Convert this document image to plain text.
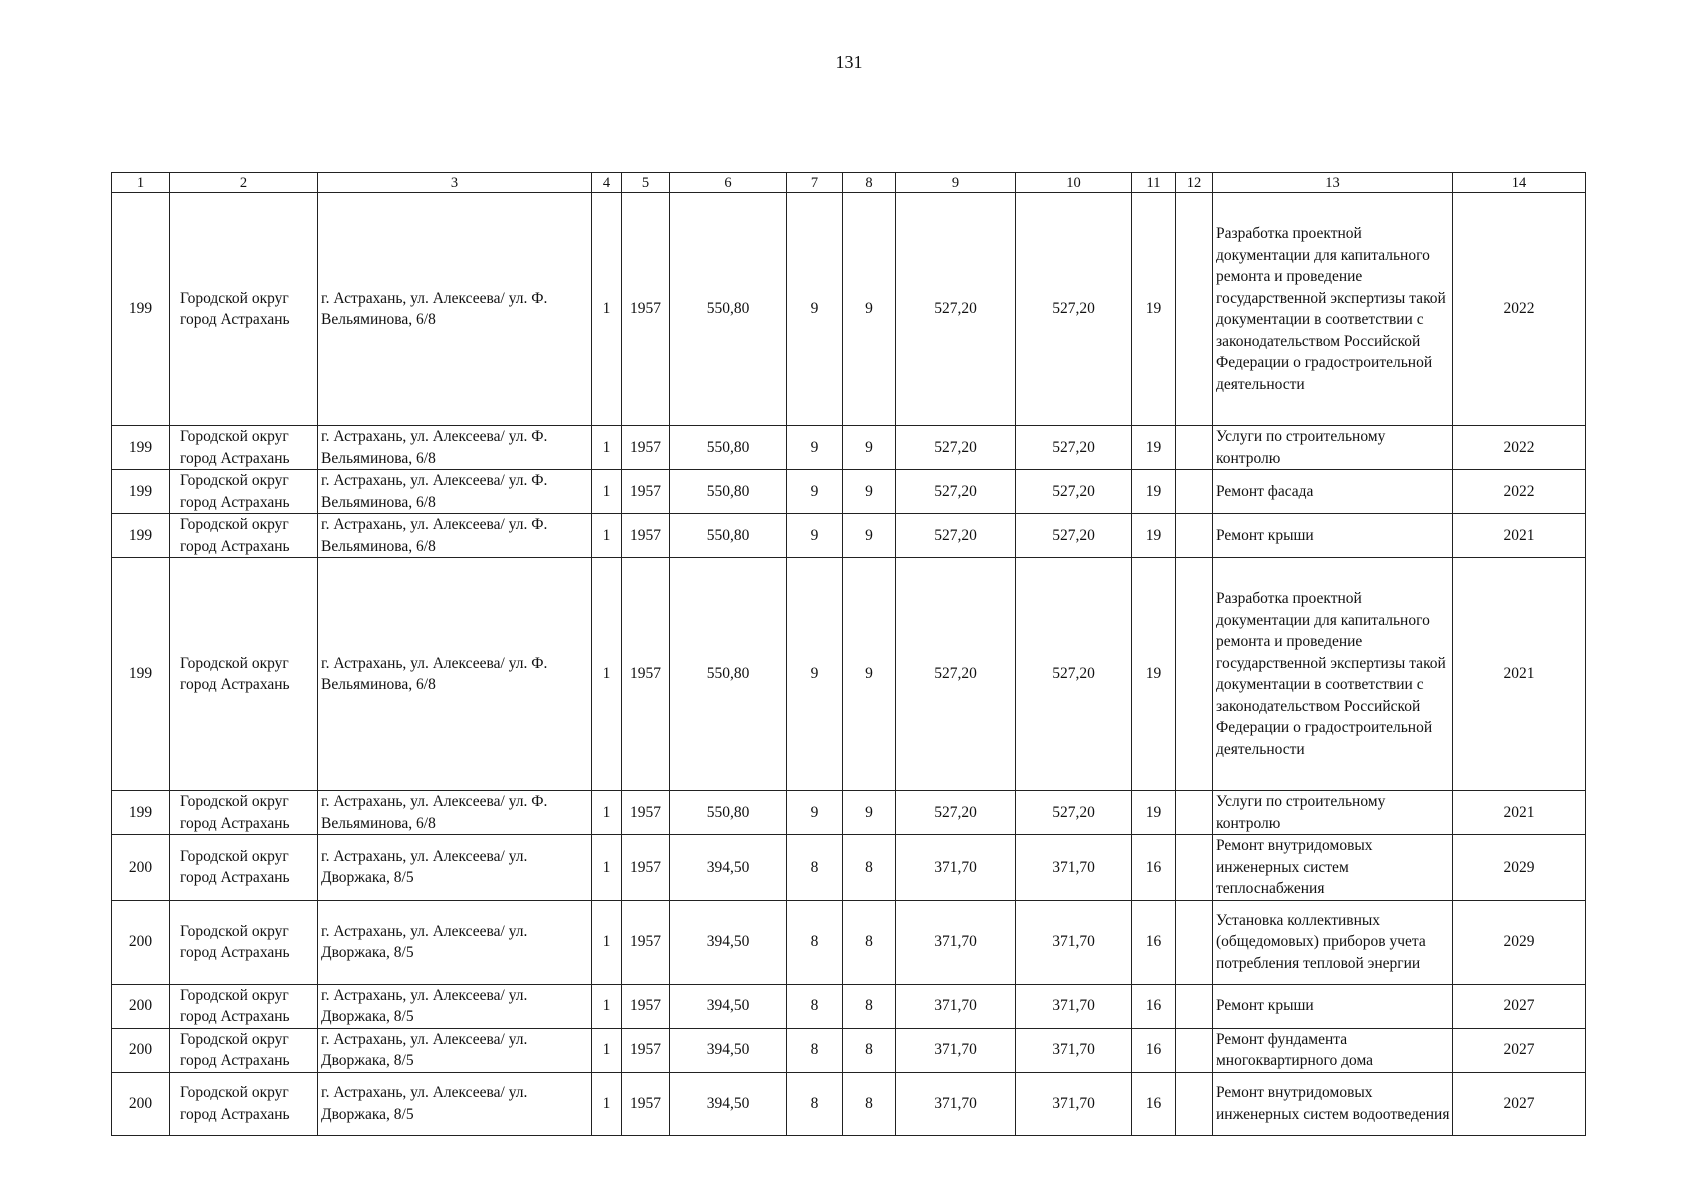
131
1	2	3	4	5	6	7	8	9	10	11	12	13	14
199	Городской округ город Астрахань	г. Астрахань, ул. Алексеева/ ул. Ф. Вельяминова, 6/8	1	1957	550,80	9	9	527,20	527,20	19		Разработка проектной документации для капитального ремонта и проведение государственной экспертизы такой документации в соответствии с законодательством Российской Федерации о градостроительной деятельности	2022
199	Городской округ город Астрахань	г. Астрахань, ул. Алексеева/ ул. Ф. Вельяминова, 6/8	1	1957	550,80	9	9	527,20	527,20	19		Услуги по строительному контролю	2022
199	Городской округ город Астрахань	г. Астрахань, ул. Алексеева/ ул. Ф. Вельяминова, 6/8	1	1957	550,80	9	9	527,20	527,20	19		Ремонт фасада	2022
199	Городской округ город Астрахань	г. Астрахань, ул. Алексеева/ ул. Ф. Вельяминова, 6/8	1	1957	550,80	9	9	527,20	527,20	19		Ремонт крыши	2021
199	Городской округ город Астрахань	г. Астрахань, ул. Алексеева/ ул. Ф. Вельяминова, 6/8	1	1957	550,80	9	9	527,20	527,20	19		Разработка проектной документации для капитального ремонта и проведение государственной экспертизы такой документации в соответствии с законодательством Российской Федерации о градостроительной деятельности	2021
199	Городской округ город Астрахань	г. Астрахань, ул. Алексеева/ ул. Ф. Вельяминова, 6/8	1	1957	550,80	9	9	527,20	527,20	19		Услуги по строительному контролю	2021
200	Городской округ город Астрахань	г. Астрахань, ул. Алексеева/ ул. Дворжака, 8/5	1	1957	394,50	8	8	371,70	371,70	16		Ремонт внутридомовых инженерных систем теплоснабжения	2029
200	Городской округ город Астрахань	г. Астрахань, ул. Алексеева/ ул. Дворжака, 8/5	1	1957	394,50	8	8	371,70	371,70	16		Установка коллективных (общедомовых) приборов учета потребления тепловой энергии	2029
200	Городской округ город Астрахань	г. Астрахань, ул. Алексеева/ ул. Дворжака, 8/5	1	1957	394,50	8	8	371,70	371,70	16		Ремонт крыши	2027
200	Городской округ город Астрахань	г. Астрахань, ул. Алексеева/ ул. Дворжака, 8/5	1	1957	394,50	8	8	371,70	371,70	16		Ремонт фундамента многоквартирного дома	2027
200	Городской округ город Астрахань	г. Астрахань, ул. Алексеева/ ул. Дворжака, 8/5	1	1957	394,50	8	8	371,70	371,70	16		Ремонт внутридомовых инженерных систем водоотведения	2027
